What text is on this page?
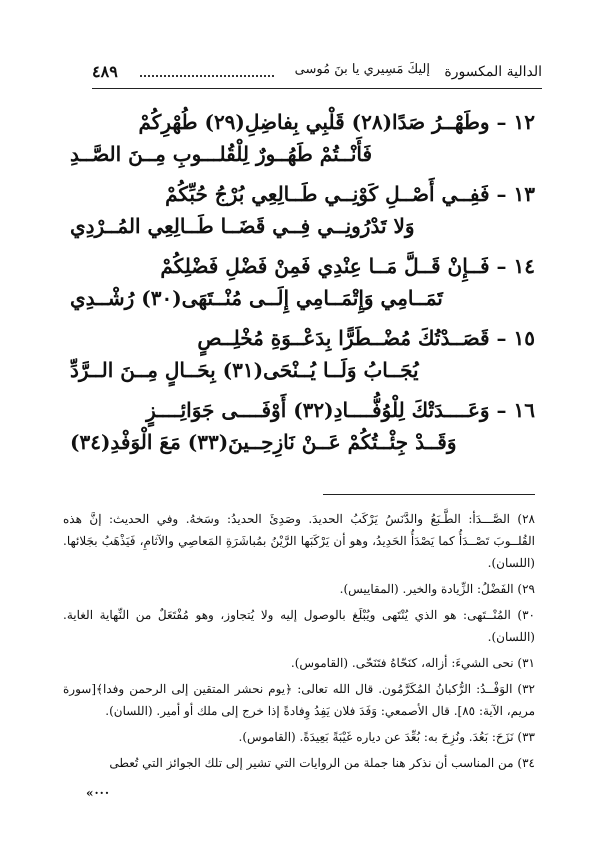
الدالية المكسورة
إليكَ مَسِيري يا بنَ مُوسى
٤٨٩
١٢ – وطَهْــرُ صَدًا(٢٨) قَلْبِي بِفاضِلِ(٢٩) طُهْرِكُمْ
فَأَنْــتُمْ طَهُــورٌ لِلْقُلـــوبِ مِــنَ الصَّــدِ
١٣ – فَفِــي أَصْــلِ كَوْنِــي طَــالِعِي بُرْجُ حُبِّكُمْ
وَلا تَدْرُونِــي فِــي قَضَــا طَــالِعِي المُــرْدِي
١٤ – فَــإِنْ قَــلَّ مَــا عِنْدِي فَمِنْ فَضْلِ فَضْلِكُمْ
تَمَــامِي وَإِتْمَــامِي إِلَــى مُنْــتَهَى(٣٠) رُشْــدِي
١٥ – قَصَــدْتُكَ مُضْــطَرًّا بِدَعْــوَةِ مُخْلِــصٍ
يُجَــابُ وَلَــا يُــنْحَى(٣١) بِحَــالٍ مِــنَ الــرَّدِّ
١٦ – وَعَــــدَتْكَ لِلْوُفُّــــادِ(٣٢) أَوْفَــــى جَوَائِــــزٍ
وَقَــدْ جِئْــتُكُمْ عَــنْ نَازِحِــينَ(٣٣) مَعَ الْوَفْدِ(٣٤)

٢٨) الصَّـــدَأ: الطَّـبَعُ والدَّنَسُ يَرْكَبُ الحديدَ. وصَدِئَ الحديدُ: وسَخهُ. وفي الحديث: إنَّ هذه القُلــوبَ تَصْــدَأُ كما يَصْدَأُ الحَدِيدُ، وهو أن يَرْكَبَها الرَّيْنُ بمُباشَرَةِ المَعاصِي والآثامِ، فَيَذْهَبُ بجَلائها. (اللسان).

٢٩) الفَضْلُ: الزِّيادة والخير. (المقاييس).

٣٠) المُنْــتَهى: هو الذي يُنْتَهى ويُبْلَغ بالوصول إليه ولا يُتجاوز، وهو مُفْتَعَلٌ من النِّهاية الغاية. (اللسان).

٣١) نحى الشيءَ: أزاله، كنَحّاهُ فتَنَحّى. (القاموس).

٣٢) الوَفْــدُ: الرُّكبانُ المُكَرَّمُون. قال الله تعالى: ﴿يوم نحشر المتقين إلى الرحمن وفدا﴾[سورة مريم، الآية: ٨٥]. قال الأصمعي: وَفَدَ فلان يَفِدُ وِفادةً إذا خرج إلى ملك أو أمير. (اللسان).

٣٣) نَزَحَ: بَعُدَ. ونُزِحَ به: بُعِّدَ عن دياره غَيْبَةً بَعِيدَةً. (القاموس).

٣٤) من المناسب أن نذكر هنا جملة من الروايات التي تشير إلى تلك الجوائز التي تُعطى

«···
